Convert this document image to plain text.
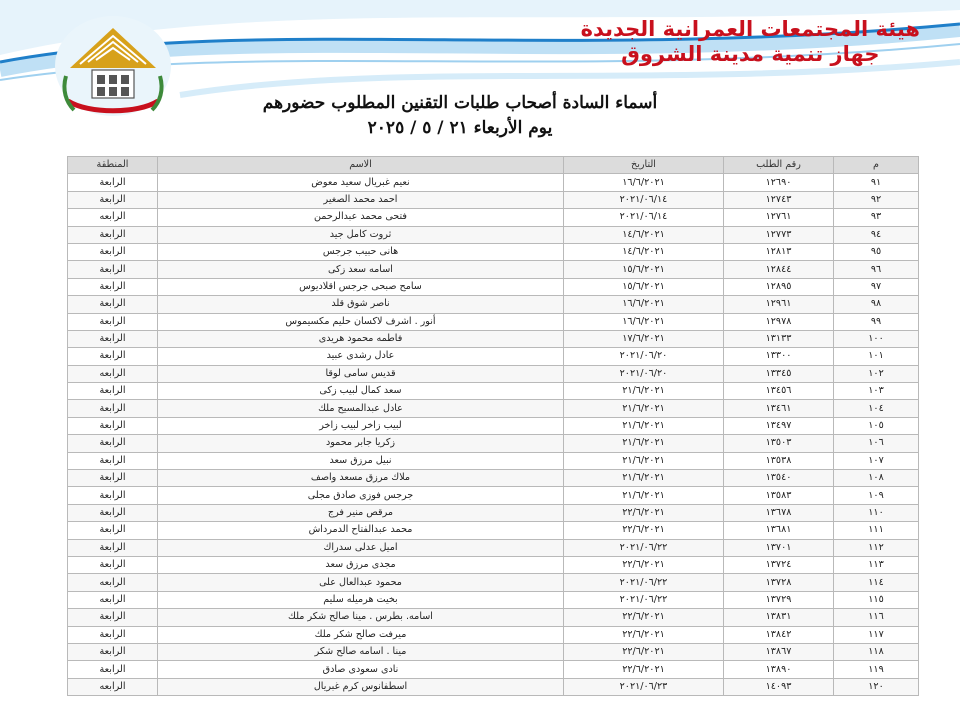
هيئة المجتمعات العمرانية الجديدة
جهاز تنمية مدينة الشروق
أسماء السادة أصحاب طلبات التقنين المطلوب حضورهم
يوم الأربعاء ٢١ / ٥ / ٢٠٢٥
م	رقم الطلب	التاريخ	الاسم	المنطقة
٩١	١٢٦٩٠	١٦/٦/٢٠٢١	نعيم غبريال سعيد معوض	الرابعة
٩٢	١٢٧٤٣	٢٠٢١/٠٦/١٤	احمد محمد الصغير	الرابعة
٩٣	١٢٧٦١	٢٠٢١/٠٦/١٤	فتحى محمد عبدالرحمن	الرابعه
٩٤	١٢٧٧٣	١٤/٦/٢٠٢١	ثروت كامل جيد	الرابعة
٩٥	١٢٨١٣	١٤/٦/٢٠٢١	هانى حبيب جرجس	الرابعة
٩٦	١٢٨٤٤	١٥/٦/٢٠٢١	اسامه سعد زكى	الرابعة
٩٧	١٢٨٩٥	١٥/٦/٢٠٢١	سامح صبحى جرجس اقلاديوس	الرابعة
٩٨	١٢٩٦١	١٦/٦/٢٠٢١	ناصر شوق قلد	الرابعة
٩٩	١٢٩٧٨	١٦/٦/٢٠٢١	أنور . اشرف لاكسان حليم مكسيموس	الرابعة
١٠٠	١٣١٣٣	١٧/٦/٢٠٢١	فاطمه محمود هريدى	الرابعة
١٠١	١٣٣٠٠	٢٠٢١/٠٦/٢٠	عادل رشدى عبيد	الرابعة
١٠٢	١٣٣٤٥	٢٠٢١/٠٦/٢٠	قديس سامى لوقا	الرابعه
١٠٣	١٣٤٥٦	٢١/٦/٢٠٢١	سعد كمال لبيب زكى	الرابعة
١٠٤	١٣٤٦١	٢١/٦/٢٠٢١	عادل عبدالمسيح ملك	الرابعة
١٠٥	١٣٤٩٧	٢١/٦/٢٠٢١	لبيب زاخر لبيب زاخر	الرابعة
١٠٦	١٣٥٠٣	٢١/٦/٢٠٢١	زكريا جابر محمود	الرابعة
١٠٧	١٣٥٣٨	٢١/٦/٢٠٢١	نبيل مرزق سعد	الرابعة
١٠٨	١٣٥٤٠	٢١/٦/٢٠٢١	ملاك مرزق مسعد واصف	الرابعة
١٠٩	١٣٥٨٣	٢١/٦/٢٠٢١	جرجس فوزى صادق مجلى	الرابعة
١١٠	١٣٦٧٨	٢٢/٦/٢٠٢١	مرقص منير فرج	الرابعة
١١١	١٣٦٨١	٢٢/٦/٢٠٢١	محمد عبدالفتاح الدمرداش	الرابعة
١١٢	١٣٧٠١	٢٠٢١/٠٦/٢٢	اميل عدلى سدراك	الرابعة
١١٣	١٣٧٢٤	٢٢/٦/٢٠٢١	مجدى مرزق سعد	الرابعة
١١٤	١٣٧٢٨	٢٠٢١/٠٦/٢٢	محمود عبدالعال على	الرابعه
١١٥	١٣٧٢٩	٢٠٢١/٠٦/٢٢	بخيت هرميله سليم	الرابعه
١١٦	١٣٨٣١	٢٢/٦/٢٠٢١	اسامه. بطرس . مينا صالح شكر ملك	الرابعة
١١٧	١٣٨٤٢	٢٢/٦/٢٠٢١	ميرفت صالح شكر ملك	الرابعة
١١٨	١٣٨٦٧	٢٢/٦/٢٠٢١	مينا . اسامه صالح شكر	الرابعة
١١٩	١٣٨٩٠	٢٢/٦/٢٠٢١	نادى سعودى صادق	الرابعة
١٢٠	١٤٠٩٣	٢٠٢١/٠٦/٢٣	اسطفانوس كرم غبريال	الرابعه
